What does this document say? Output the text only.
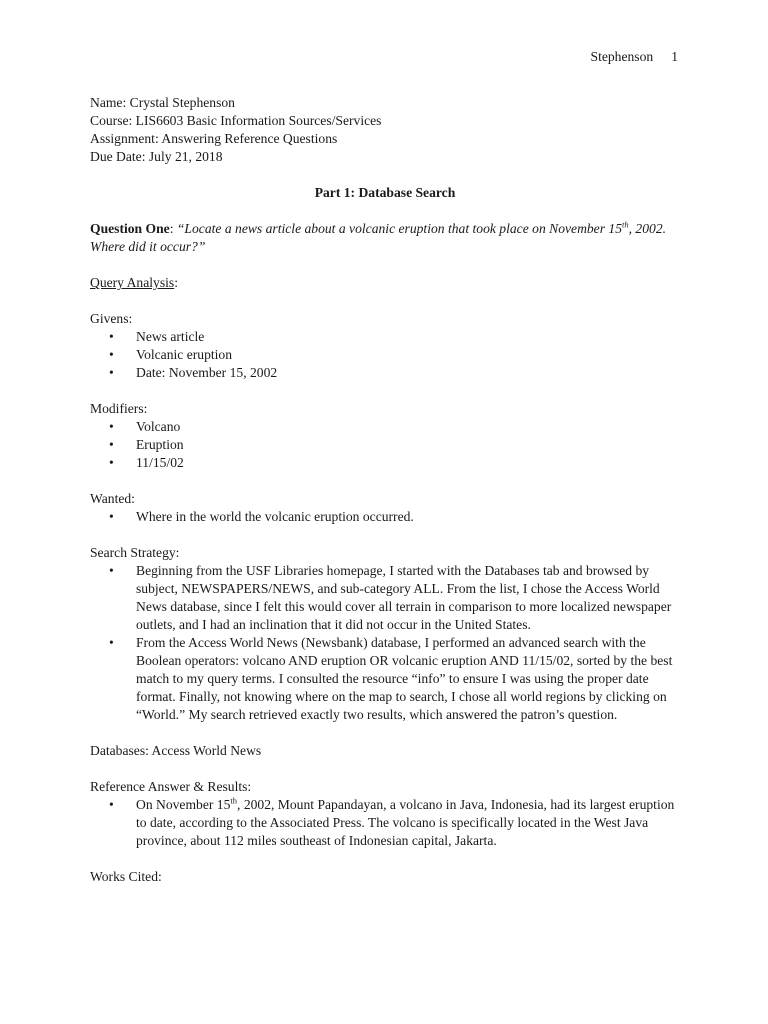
Stephenson 1

Name: Crystal Stephenson

Course: LIS6603 Basic Information Sources/Services

Assignment: Answering Reference Questions

Due Date: July 21, 2018

Part 1: Database Search

Question One: “Locate a news article about a volcanic eruption that took place on November 15th, 2002. Where did it occur?”

Query Analysis:

Givens:

• News article
• Volcanic eruption
• Date: November 15, 2002

Modifiers:

• Volcano
• Eruption
• 11/15/02

Wanted:

• Where in the world the volcanic eruption occurred.

Search Strategy:

• Beginning from the USF Libraries homepage, I started with the Databases tab and browsed by subject, NEWSPAPERS/NEWS, and sub-category ALL. From the list, I chose the Access World News database, since I felt this would cover all terrain in comparison to more localized newspaper outlets, and I had an inclination that it did not occur in the United States.
• From the Access World News (Newsbank) database, I performed an advanced search with the Boolean operators: volcano AND eruption OR volcanic eruption AND 11/15/02, sorted by the best match to my query terms. I consulted the resource “info” to ensure I was using the proper date format. Finally, not knowing where on the map to search, I chose all world regions by clicking on “World.” My search retrieved exactly two results, which answered the patron’s question.

Databases: Access World News

Reference Answer & Results:

• On November 15th, 2002, Mount Papandayan, a volcano in Java, Indonesia, had its largest eruption to date, according to the Associated Press. The volcano is specifically located in the West Java province, about 112 miles southeast of Indonesian capital, Jakarta.

Works Cited:
